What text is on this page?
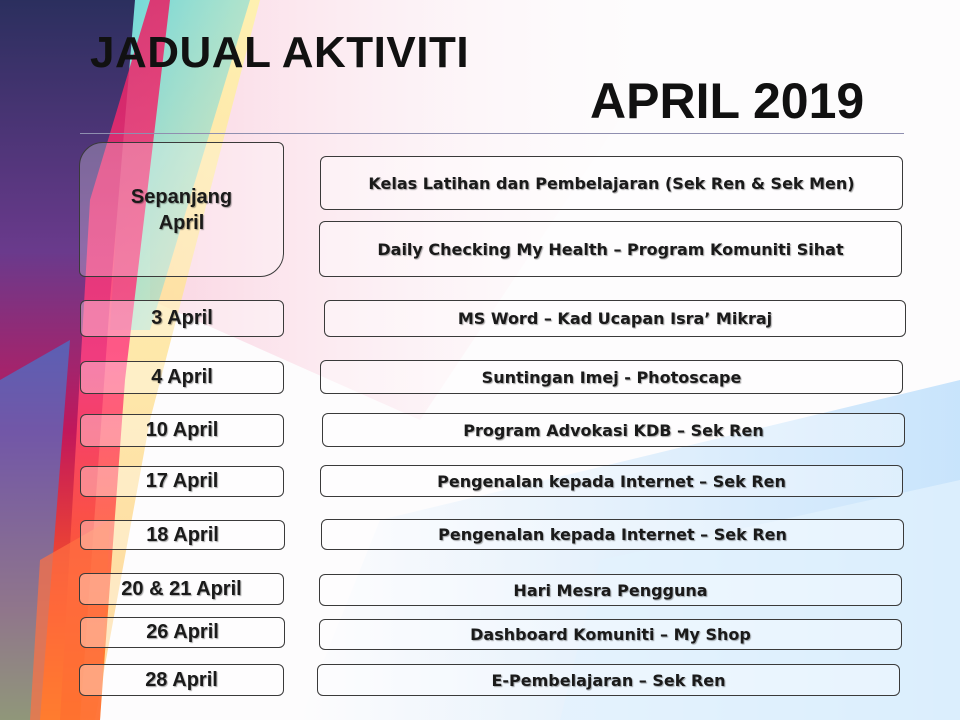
JADUAL AKTIVITI
APRIL 2019
Sepanjang April
Kelas Latihan dan Pembelajaran (Sek Ren & Sek Men)
Daily Checking My Health – Program Komuniti Sihat
3 April	MS Word – Kad Ucapan Isra’ Mikraj
4 April	Suntingan Imej - Photoscape
10 April	Program Advokasi KDB – Sek Ren
17 April	Pengenalan kepada Internet – Sek Ren
18 April	Pengenalan kepada Internet – Sek Ren
20 & 21 April	Hari Mesra Pengguna
26 April	Dashboard Komuniti – My Shop
28 April	E-Pembelajaran – Sek Ren
